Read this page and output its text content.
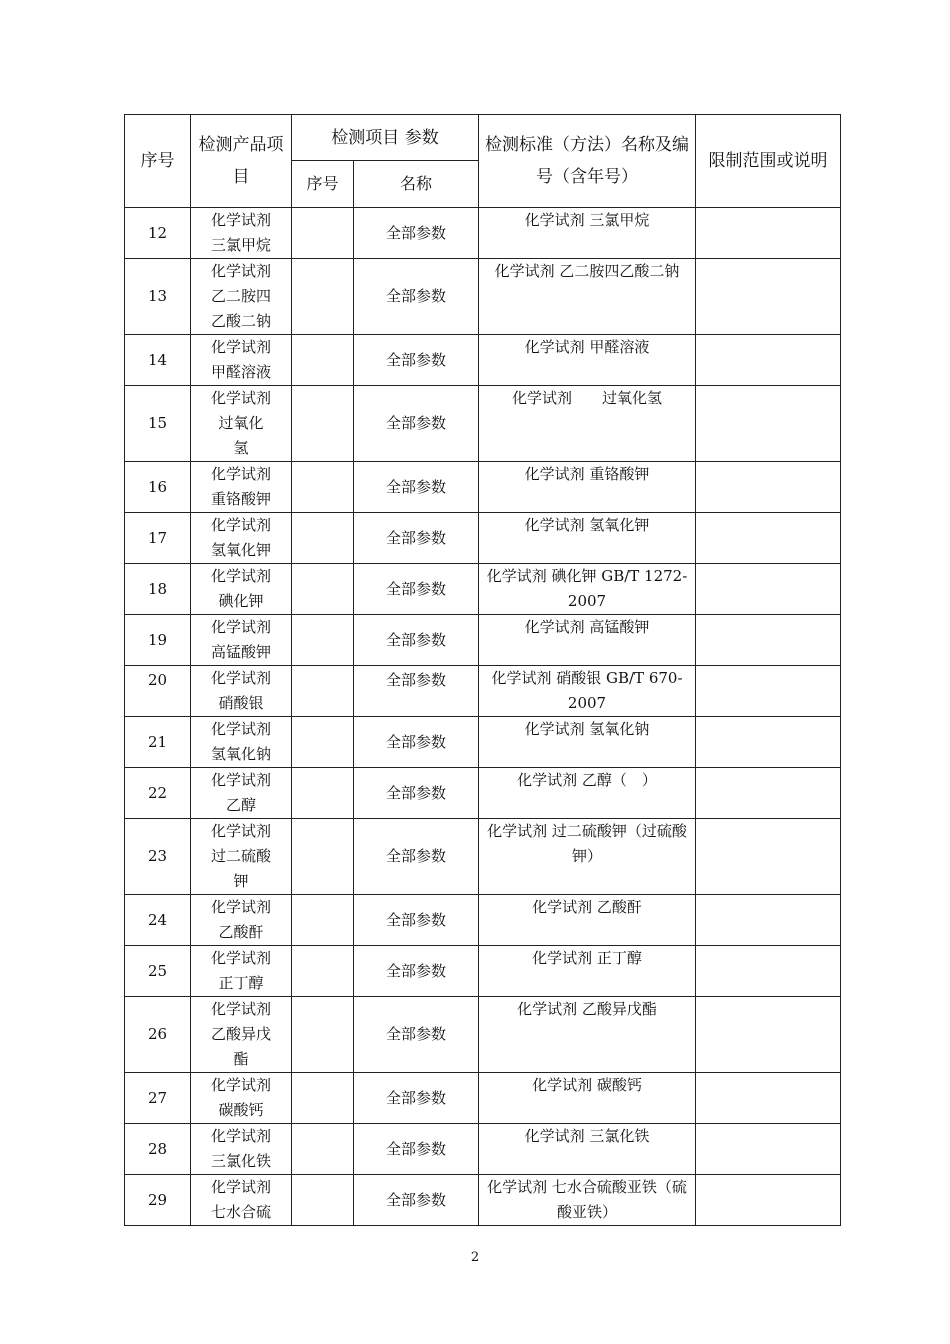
序号	检测产品项目	检测项目 参数		检测标准（方法）名称及编号（含年号）	限制范围或说明
		序号	名称		
12	化学试剂
三氯甲烷		全部参数	化学试剂 三氯甲烷	
13	化学试剂
乙二胺四
乙酸二钠		全部参数	化学试剂 乙二胺四乙酸二钠	
14	化学试剂
甲醛溶液		全部参数	化学试剂 甲醛溶液	
15	化学试剂
过氧化
氢		全部参数	化学试剂　　过氧化氢	
16	化学试剂
重铬酸钾		全部参数	化学试剂 重铬酸钾	
17	化学试剂
氢氧化钾		全部参数	化学试剂 氢氧化钾	
18	化学试剂
碘化钾		全部参数	化学试剂 碘化钾 GB/T 1272-2007	
19	化学试剂
高锰酸钾		全部参数	化学试剂 高锰酸钾	
20	化学试剂
硝酸银		全部参数	化学试剂 硝酸银 GB/T 670-2007	
21	化学试剂
氢氧化钠		全部参数	化学试剂 氢氧化钠	
22	化学试剂
乙醇		全部参数	化学试剂 乙醇（　）	
23	化学试剂
过二硫酸
钾		全部参数	化学试剂 过二硫酸钾（过硫酸钾）	
24	化学试剂
乙酸酐		全部参数	化学试剂 乙酸酐	
25	化学试剂
正丁醇		全部参数	化学试剂 正丁醇	
26	化学试剂
乙酸异戊
酯		全部参数	化学试剂 乙酸异戊酯	
27	化学试剂
碳酸钙		全部参数	化学试剂 碳酸钙	
28	化学试剂
三氯化铁		全部参数	化学试剂 三氯化铁	
29	化学试剂
七水合硫		全部参数	化学试剂 七水合硫酸亚铁（硫酸亚铁）	
2
